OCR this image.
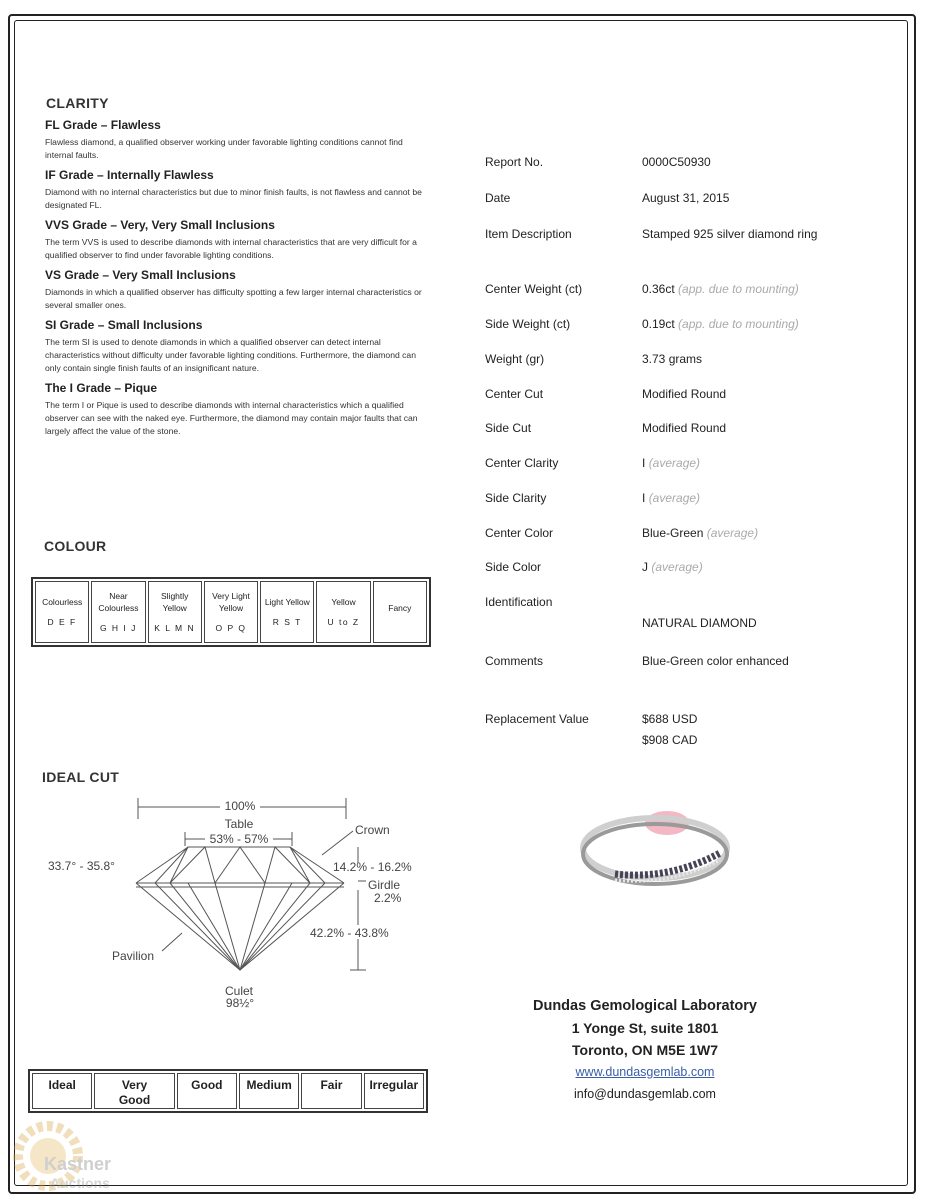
CLARITY

FL Grade – Flawless

Flawless diamond, a qualified observer working under favorable lighting conditions cannot find internal faults.

IF Grade – Internally Flawless

Diamond with no internal characteristics but due to minor finish faults, is not flawless and cannot be designated FL.

VVS Grade – Very, Very Small Inclusions

The term VVS is used to describe diamonds with internal characteristics that are very difficult for a qualified observer to find under favorable lighting conditions.

VS Grade – Very Small Inclusions

Diamonds in which a qualified observer has difficulty spotting a few larger internal characteristics or several smaller ones.

SI Grade – Small Inclusions

The term SI is used to denote diamonds in which a qualified observer can detect internal characteristics without difficulty under favorable lighting conditions. Furthermore, the diamond can only contain single finish faults of an insignificant nature.

The I Grade – Pique

The term I or Pique is used to describe diamonds with internal characteristics which a qualified observer can see with the naked eye. Furthermore, the diamond may contain major faults that can largely affect the value of the stone.

COLOUR
Colourless
D E F
Near Colourless
G H I J
Slightly Yellow
K L M N
Very Light Yellow
O P Q
Light Yellow
R S T
Yellow
U to Z
Fancy
IDEAL CUT
100%
Table
53% - 57%
Crown
33.7° - 35.8°	14.2% - 16.2%
Girdle
2.2%
42.2% - 43.8%
Pavilion
Culet
98½°
Ideal	Very Good
Good	Medium	Fair	Irregular
Report No.	0000C50930
Date	August 31, 2015
Item Description	Stamped 925 silver diamond ring
Center Weight (ct)	0.36ct (app. due to mounting)
Side Weight (ct)	0.19ct (app. due to mounting)
Weight (gr)	3.73 grams
Center Cut	Modified Round
Side Cut	Modified Round
Center Clarity	I (average)
Side Clarity	I (average)
Center Color	Blue-Green (average)
Side Color	J (average)
Identification
NATURAL DIAMOND
Comments	Blue-Green color enhanced
Replacement Value	$688 USD
$908 CAD
Dundas Gemological Laboratory
1 Yonge St, suite 1801
Toronto, ON M5E 1W7
www.dundasgemlab.com
info@dundasgemlab.com
Kastner
Auctions
